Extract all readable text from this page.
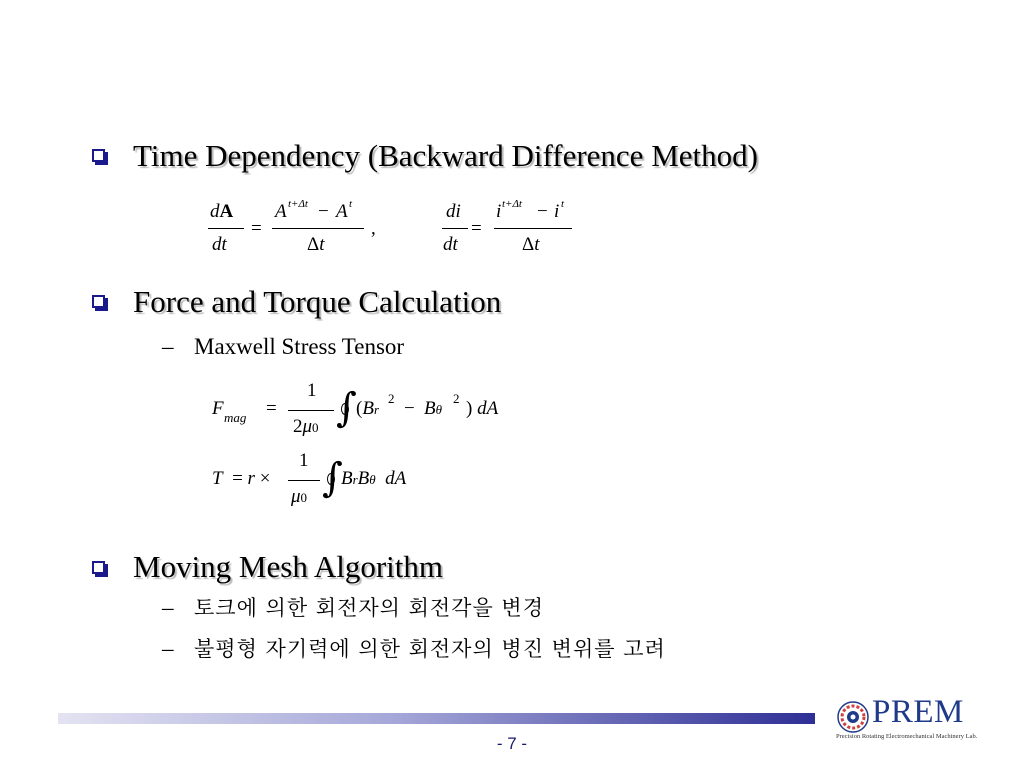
Time Dependency (Backward Difference Method)
dA
dt
=
A t+Δt − A t
Δt
,
di
dt
=
i t+Δt − i t
Δt
Force and Torque Calculation
– Maxwell Stress Tensor
F mag =
1
2μ0 ∫ (Br
2 − Bθ
2 ) dA
T  = r ×
1
μ0 ∫
BrBθ  dA
Moving Mesh Algorithm
– 토크에 의한 회전자의 회전각을 변경
– 불평형 자기력에 의한 회전자의 병진 변위를 고려
- 7 -
PREM
Precision Rotating Electromechanical Machinery Lab.
